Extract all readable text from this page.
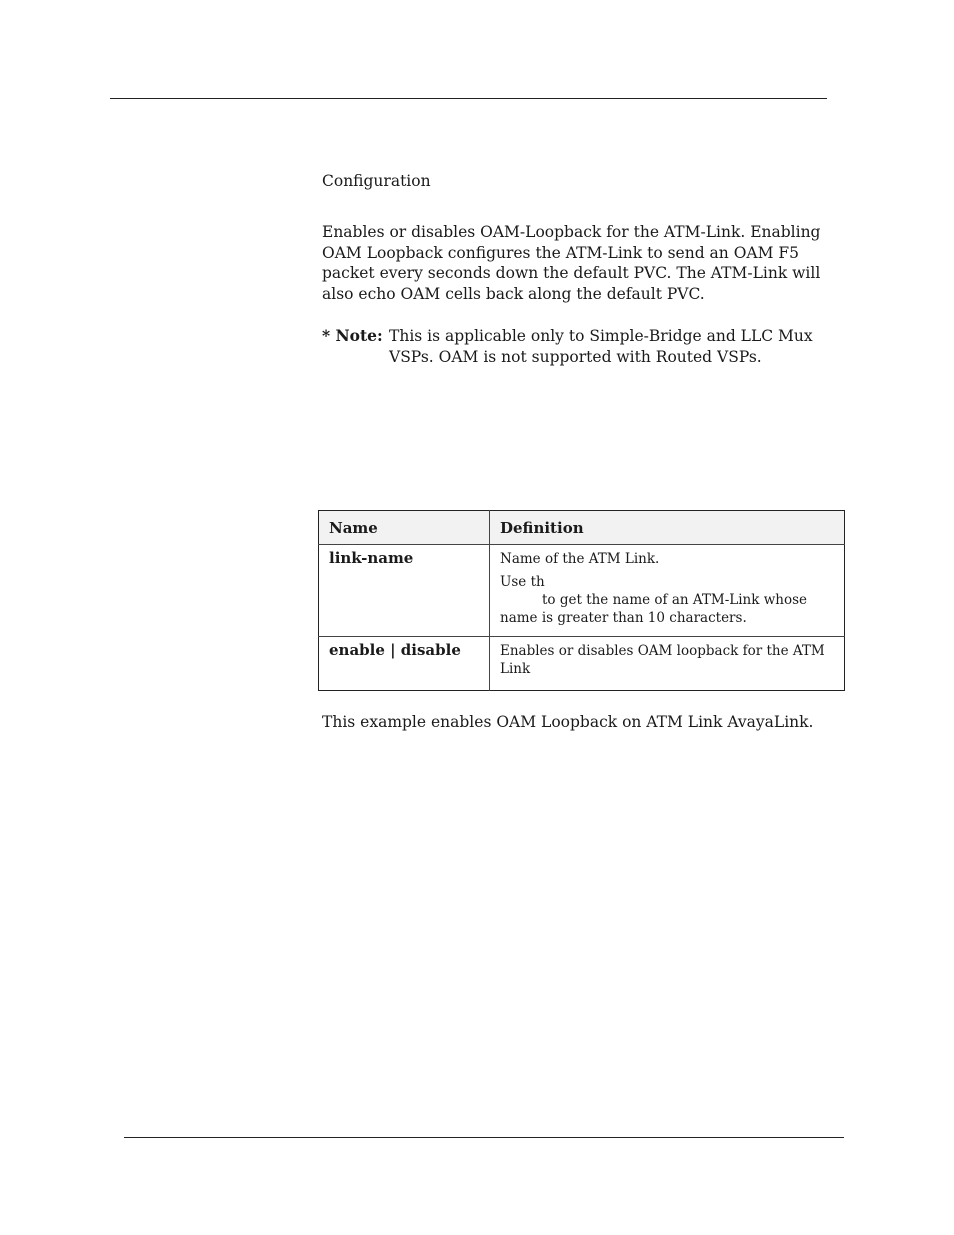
Configuration

Enables or disables OAM-Loopback for the ATM-Link. Enabling OAM Loopback configures the ATM-Link to send an OAM F5 packet every seconds down the default PVC. The ATM-Link will also echo OAM cells back along the default PVC.

* Note: This is applicable only to Simple-Bridge and LLC Mux VSPs. OAM is not supported with Routed VSPs.
Name	Definition
link-name	Name of the ATM Link.

Use th
to get the name of an ATM-Link whose
name is greater than 10 characters.

enable | disable	Enables or disables OAM loopback for the ATM Link
This example enables OAM Loopback on ATM Link AvayaLink.
